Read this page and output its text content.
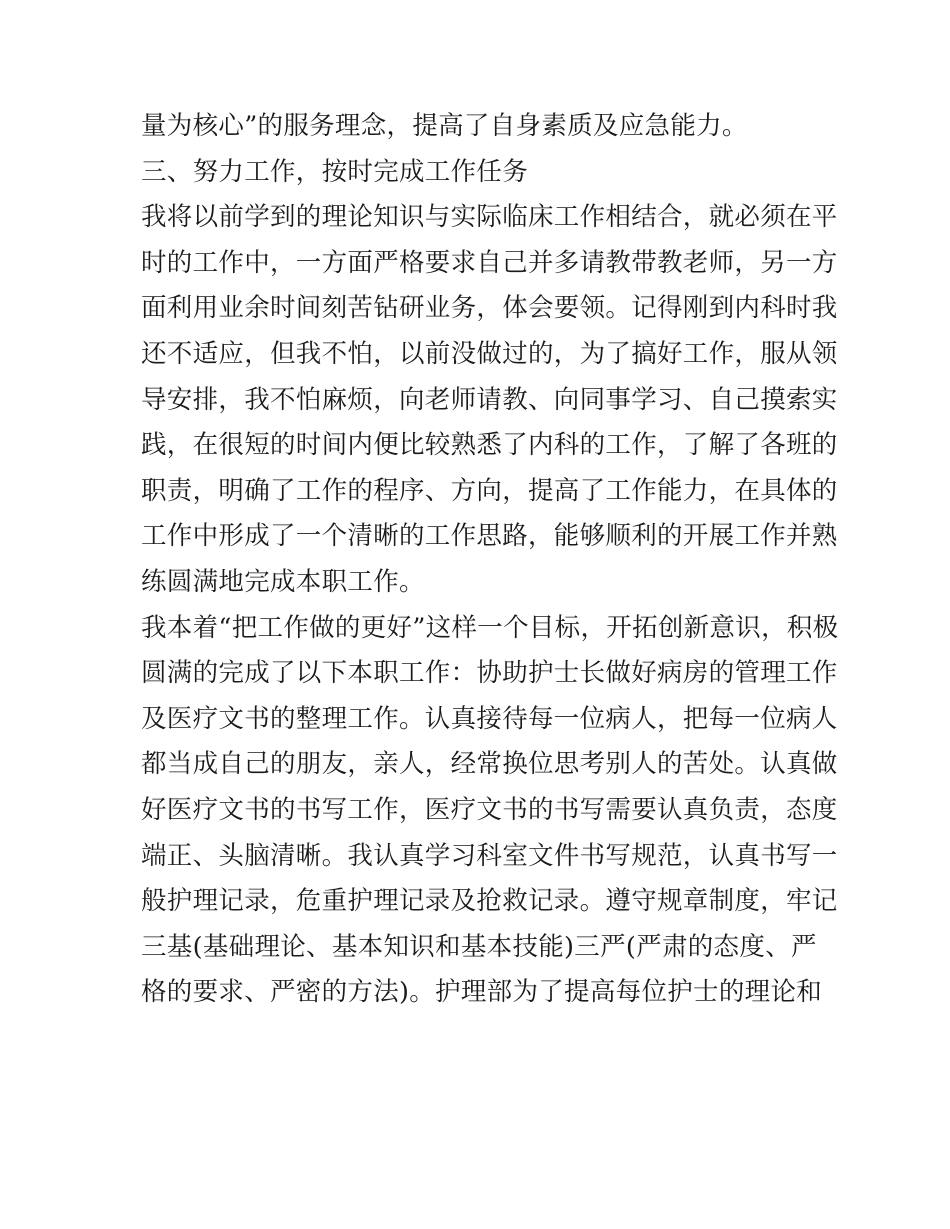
量为核心”的服务理念，提高了自身素质及应急能力。
三、努力工作，按时完成工作任务
我将以前学到的理论知识与实际临床工作相结合，就必须在平
时的工作中，一方面严格要求自己并多请教带教老师，另一方
面利用业余时间刻苦钻研业务，体会要领。记得刚到内科时我
还不适应，但我不怕，以前没做过的，为了搞好工作，服从领
导安排，我不怕麻烦，向老师请教、向同事学习、自己摸索实
践，在很短的时间内便比较熟悉了内科的工作，了解了各班的
职责，明确了工作的程序、方向，提高了工作能力，在具体的
工作中形成了一个清晰的工作思路，能够顺利的开展工作并熟
练圆满地完成本职工作。
我本着“把工作做的更好”这样一个目标，开拓创新意识，积极
圆满的完成了以下本职工作：协助护士长做好病房的管理工作
及医疗文书的整理工作。认真接待每一位病人，把每一位病人
都当成自己的朋友，亲人，经常换位思考别人的苦处。认真做
好医疗文书的书写工作，医疗文书的书写需要认真负责，态度
端正、头脑清晰。我认真学习科室文件书写规范，认真书写一
般护理记录，危重护理记录及抢救记录。遵守规章制度，牢记
三基(基础理论、基本知识和基本技能)三严(严肃的态度、严
格的要求、严密的方法)。护理部为了提高每位护士的理论和
